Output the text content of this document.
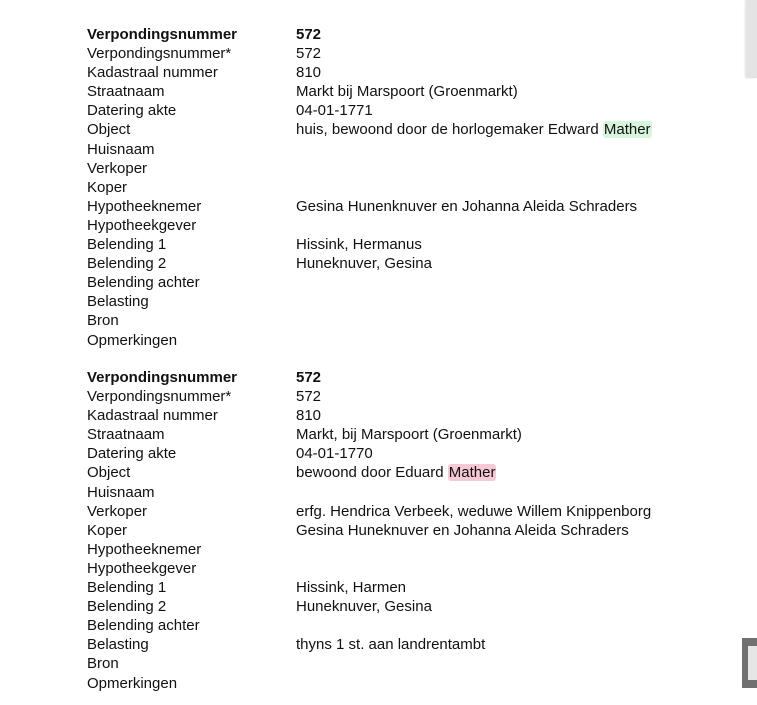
Verpondingsnummer	572
Verpondingsnummer*	572
Kadastraal nummer	810
Straatnaam	Markt bij Marspoort (Groenmarkt)
Datering akte	04-01-1771
Object	huis, bewoond door de horlogemaker Edward Mather
Huisnaam
Verkoper
Koper
Hypotheeknemer	Gesina Hunenknuver en Johanna Aleida Schraders
Hypotheekgever
Belending 1	Hissink, Hermanus
Belending 2	Huneknuver, Gesina
Belending achter
Belasting
Bron
Opmerkingen
Verpondingsnummer	572
Verpondingsnummer*	572
Kadastraal nummer	810
Straatnaam	Markt, bij Marspoort (Groenmarkt)
Datering akte	04-01-1770
Object	bewoond door Eduard Mather
Huisnaam
Verkoper	erfg. Hendrica Verbeek, weduwe Willem Knippenborg
Koper	Gesina Huneknuver en Johanna Aleida Schraders
Hypotheeknemer
Hypotheekgever
Belending 1	Hissink, Harmen
Belending 2	Huneknuver, Gesina
Belending achter
Belasting	thyns 1 st. aan landrentambt
Bron
Opmerkingen
